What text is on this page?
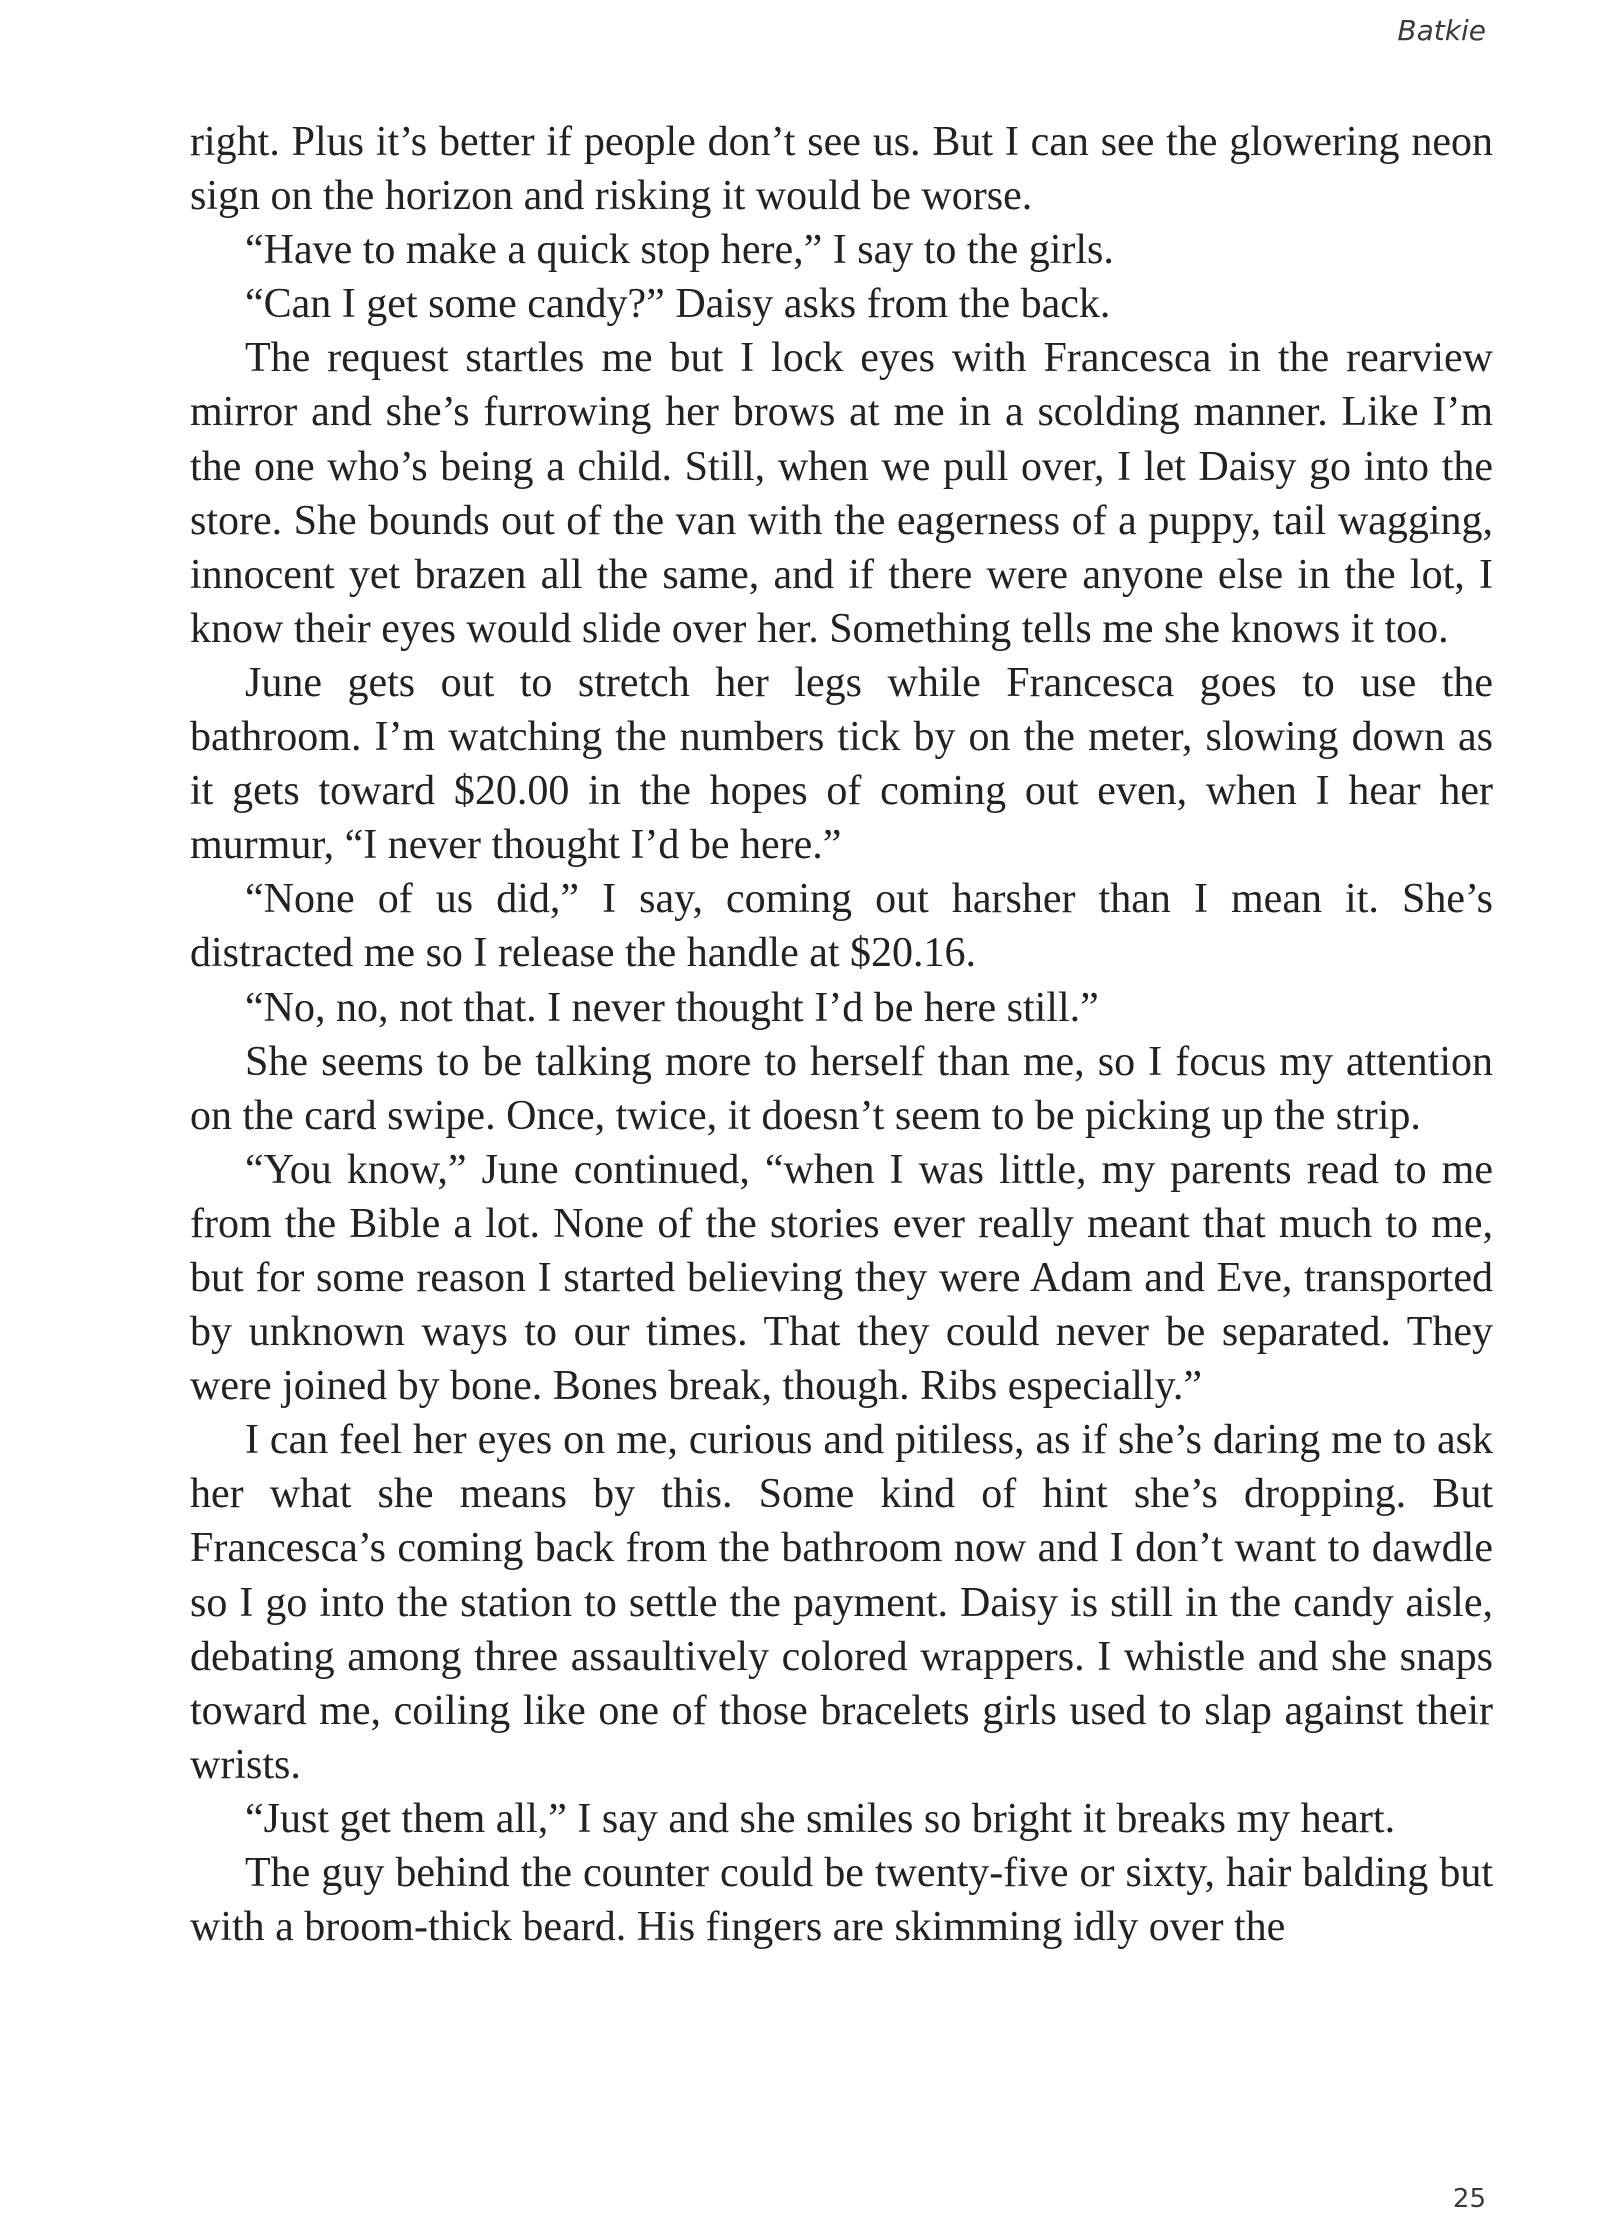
Batkie

right. Plus it’s better if people don’t see us. But I can see the glowering neon sign on the horizon and risking it would be worse.

“Have to make a quick stop here,” I say to the girls.

“Can I get some candy?” Daisy asks from the back.

The request startles me but I lock eyes with Francesca in the rearview mirror and she’s furrowing her brows at me in a scolding manner. Like I’m the one who’s being a child. Still, when we pull over, I let Daisy go into the store. She bounds out of the van with the eagerness of a puppy, tail wagging, innocent yet brazen all the same, and if there were anyone else in the lot, I know their eyes would slide over her. Something tells me she knows it too.

June gets out to stretch her legs while Francesca goes to use the bathroom. I’m watching the numbers tick by on the meter, slowing down as it gets toward $20.00 in the hopes of coming out even, when I hear her murmur, “I never thought I’d be here.”

“None of us did,” I say, coming out harsher than I mean it. She’s distracted me so I release the handle at $20.16.

“No, no, not that. I never thought I’d be here still.”

She seems to be talking more to herself than me, so I focus my attention on the card swipe. Once, twice, it doesn’t seem to be picking up the strip.

“You know,” June continued, “when I was little, my parents read to me from the Bible a lot. None of the stories ever really meant that much to me, but for some reason I started believing they were Adam and Eve, transported by unknown ways to our times. That they could never be separated. They were joined by bone. Bones break, though. Ribs especially.”

I can feel her eyes on me, curious and pitiless, as if she’s daring me to ask her what she means by this. Some kind of hint she’s dropping. But Francesca’s coming back from the bathroom now and I don’t want to dawdle so I go into the station to settle the payment. Daisy is still in the candy aisle, debating among three assaultively colored wrappers. I whistle and she snaps toward me, coiling like one of those bracelets girls used to slap against their wrists.

“Just get them all,” I say and she smiles so bright it breaks my heart.

The guy behind the counter could be twenty-five or sixty, hair balding but with a broom-thick beard. His fingers are skimming idly over the

25
